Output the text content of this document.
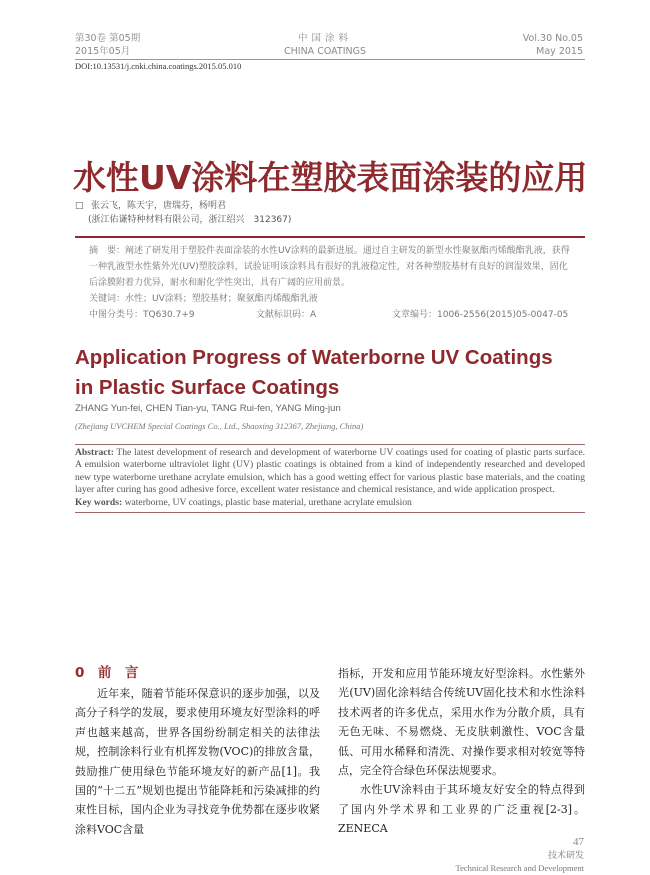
第30卷 第05期
2015年05月
中国涂料
CHINA COATINGS
Vol.30 No.05
May 2015
DOI:10.13531/j.cnki.china.coatings.2015.05.010
水性UV涂料在塑胶表面涂装的应用
□ 张云飞，陈天宇，唐瑞芬，杨明君
(浙江佑谦特种材料有限公司，浙江绍兴　312367)
摘　要：阐述了研发用于塑胶件表面涂装的水性UV涂料的最新进展。通过自主研发的新型水性聚氨酯丙烯酸酯乳液，获得一种乳液型水性紫外光(UV)塑胶涂料，试验证明该涂料具有很好的乳液稳定性，对各种塑胶基材有良好的润湿效果，固化后涂膜附着力优异，耐水和耐化学性突出，具有广阔的应用前景。
关键词：水性；UV涂料；塑胶基材；聚氨酯丙烯酸酯乳液
中图分类号：TQ630.7+9	文献标识码：A	文章编号：1006-2556(2015)05-0047-05
Application Progress of Waterborne UV Coatings in Plastic Surface Coatings
ZHANG Yun-fei, CHEN Tian-yu, TANG Rui-fen, YANG Ming-jun
(Zhejiang UVCHEM Special Coatings Co., Ltd., Shaoxing 312367, Zhejiang, China)
Abstract: The latest development of research and development of waterborne UV coatings used for coating of plastic parts surface. A emulsion waterborne ultraviolet light (UV) plastic coatings is obtained from a kind of independently researched and developed new type waterborne urethane acrylate emulsion, which has a good wetting effect for various plastic base materials, and the coating layer after curing has good adhesive force, excellent water resistance and chemical resistance, and wide application prospect.
Key words: waterborne, UV coatings, plastic base material, urethane acrylate emulsion
0　前　言
近年来，随着节能环保意识的逐步加强，以及高分子科学的发展，要求使用环境友好型涂料的呼声也越来越高，世界各国纷纷制定相关的法律法规，控制涂料行业有机挥发物(VOC)的排放含量，鼓励推广使用绿色节能环境友好的新产品[1]。我国的“十二五”规划也提出节能降耗和污染减排的约束性目标，国内企业为寻找竞争优势都在逐步收紧涂料VOC含量

指标，开发和应用节能环境友好型涂料。水性紫外光(UV)固化涂料结合传统UV固化技术和水性涂料技术两者的许多优点，采用水作为分散介质，具有无色无味、不易燃烧、无皮肤刺激性、VOC含量低、可用水稀释和清洗、对操作要求相对较宽等特点，完全符合绿色环保法规要求。

水性UV涂料由于其环境友好安全的特点得到了国内外学术界和工业界的广泛重视[2-3]。ZENECA

47
技术研发
Technical Research and Development
